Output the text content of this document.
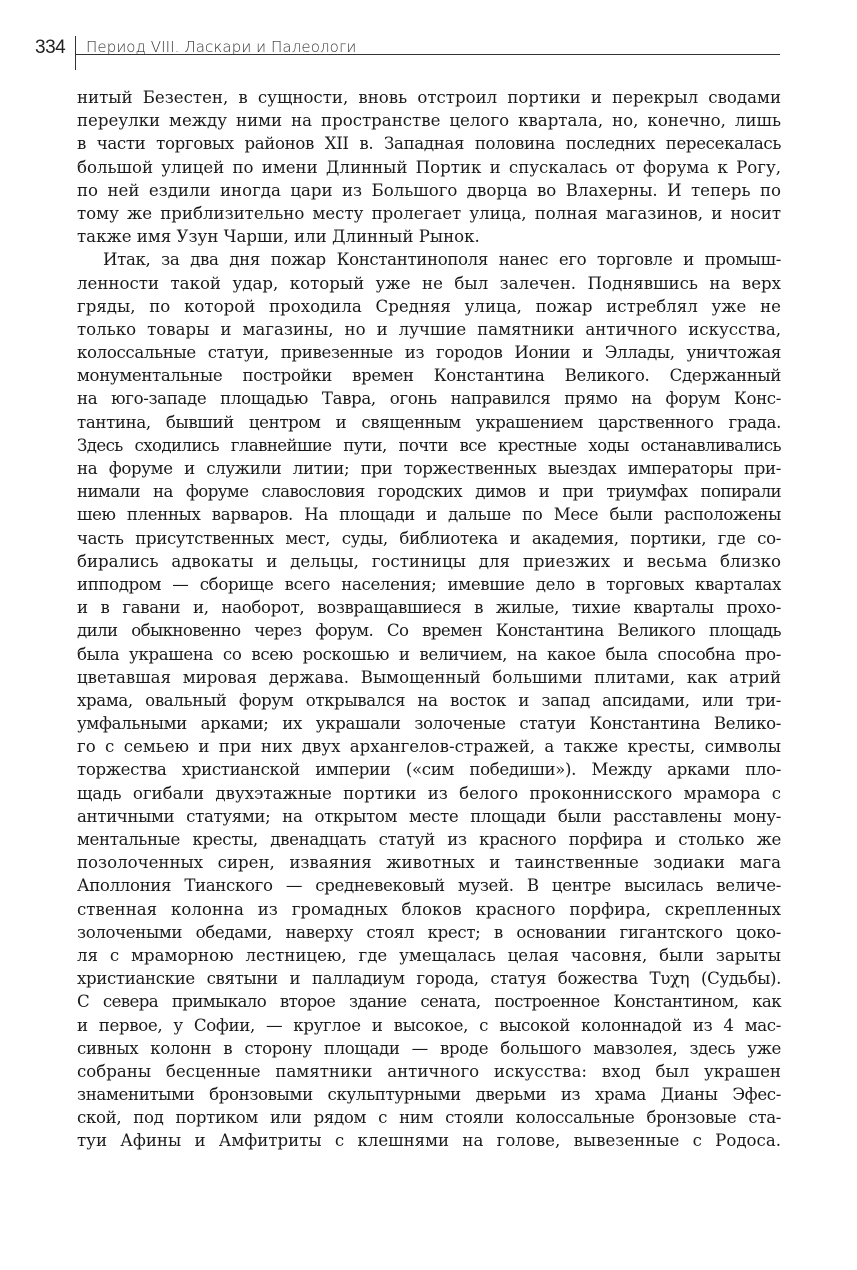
334 Период VIII. Ласкари и Палеологи
нитый Безестен, в сущности, вновь отстроил портики и перекрыл сводами
переулки между ними на пространстве целого квартала, но, конечно, лишь
в части торговых районов XII в. Западная половина последних пересекалась
большой улицей по имени Длинный Портик и спускалась от форума к Рогу,
по ней ездили иногда цари из Большого дворца во Влахерны. И теперь по
тому же приблизительно месту пролегает улица, полная магазинов, и носит
также имя Узун Чарши, или Длинный Рынок.
Итак, за два дня пожар Константинополя нанес его торговле и промыш-
ленности такой удар, который уже не был залечен. Поднявшись на верх
гряды, по которой проходила Средняя улица, пожар истреблял уже не
только товары и магазины, но и лучшие памятники античного искусства,
колоссальные статуи, привезенные из городов Ионии и Эллады, уничтожая
монументальные постройки времен Константина Великого. Сдержанный
на юго-западе площадью Тавра, огонь направился прямо на форум Конс-
тантина, бывший центром и священным украшением царственного града.
Здесь сходились главнейшие пути, почти все крестные ходы останавливались
на форуме и служили литии; при торжественных выездах императоры при-
нимали на форуме славословия городских димов и при триумфах попирали
шею пленных варваров. На площади и дальше по Месе были расположены
часть присутственных мест, суды, библиотека и академия, портики, где со-
бирались адвокаты и дельцы, гостиницы для приезжих и весьма близко
ипподром — сборище всего населения; имевшие дело в торговых кварталах
и в гавани и, наоборот, возвращавшиеся в жилые, тихие кварталы прохо-
дили обыкновенно через форум. Со времен Константина Великого площадь
была украшена со всею роскошью и величием, на какое была способна про-
цветавшая мировая держава. Вымощенный большими плитами, как атрий
храма, овальный форум открывался на восток и запад апсидами, или три-
умфальными арками; их украшали золоченые статуи Константина Велико-
го с семьею и при них двух архангелов-стражей, а также кресты, символы
торжества христианской империи («сим победиши»). Между арками пло-
щадь огибали двухэтажные портики из белого проконнисского мрамора с
античными статуями; на открытом месте площади были расставлены мону-
ментальные кресты, двенадцать статуй из красного порфира и столько же
позолоченных сирен, изваяния животных и таинственные зодиаки мага
Аполлония Тианского — средневековый музей. В центре высилась величе-
ственная колонна из громадных блоков красного порфира, скрепленных
золочеными обедами, наверху стоял крест; в основании гигантского цоко-
ля с мраморною лестницею, где умещалась целая часовня, были зарыты
христианские святыни и палладиум города, статуя божества Τυχη (Судьбы).
С севера примыкало второе здание сената, построенное Константином, как
и первое, у Софии, — круглое и высокое, с высокой колоннадой из 4 мас-
сивных колонн в сторону площади — вроде большого мавзолея, здесь уже
собраны бесценные памятники античного искусства: вход был украшен
знаменитыми бронзовыми скульптурными дверьми из храма Дианы Эфес-
ской, под портиком или рядом с ним стояли колоссальные бронзовые ста-
туи Афины и Амфитриты с клешнями на голове, вывезенные с Родоса.
